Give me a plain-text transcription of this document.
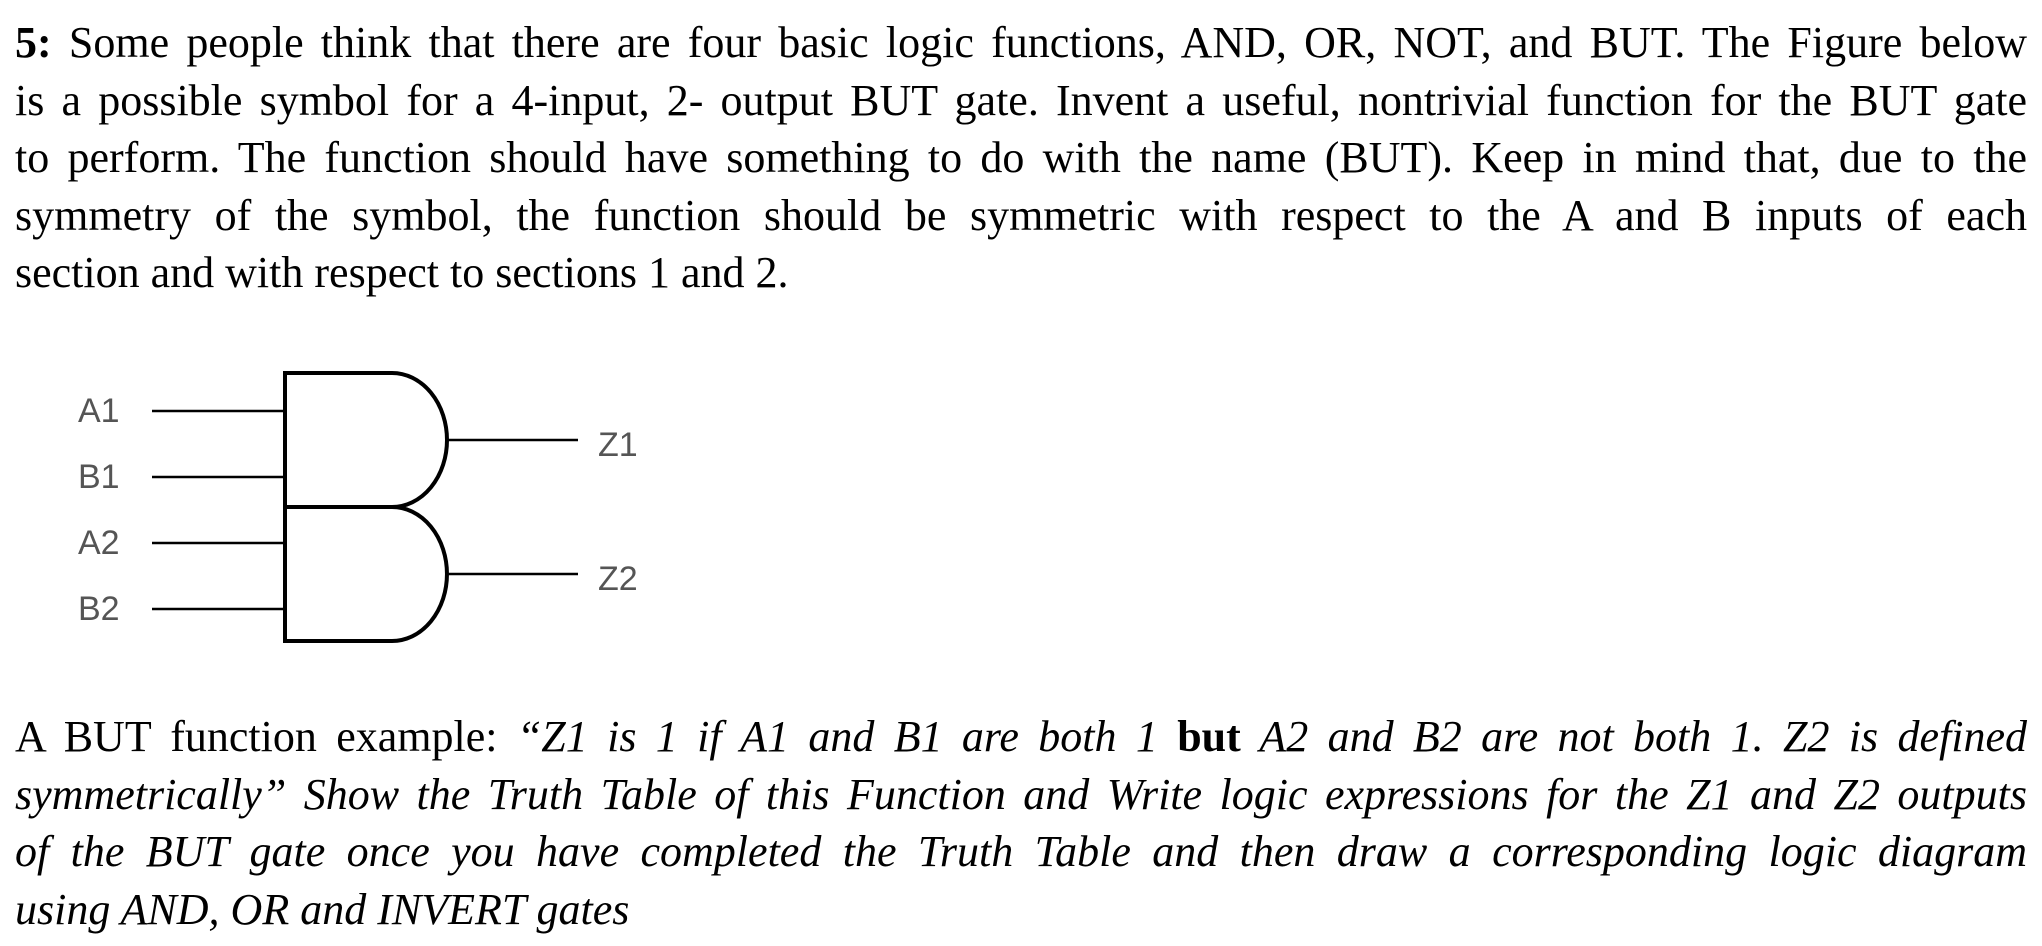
5: Some people think that there are four basic logic functions, AND, OR, NOT, and BUT. The Figure below
is a possible symbol for a 4-input, 2- output BUT gate. Invent a useful, nontrivial function for the BUT gate
to perform. The function should have something to do with the name (BUT). Keep in mind that, due to the
symmetry of the symbol, the function should be symmetric with respect to the A and B inputs of each
section and with respect to sections 1 and 2.
A1
B1
A2
B2
Z1
Z2
A BUT function example: “Z1 is 1 if A1 and B1 are both 1 but A2 and B2 are not both 1. Z2 is defined
symmetrically” Show the Truth Table of this Function and Write logic expressions for the Z1 and Z2 outputs
of the BUT gate once you have completed the Truth Table and then draw a corresponding logic diagram
using AND, OR and INVERT gates
